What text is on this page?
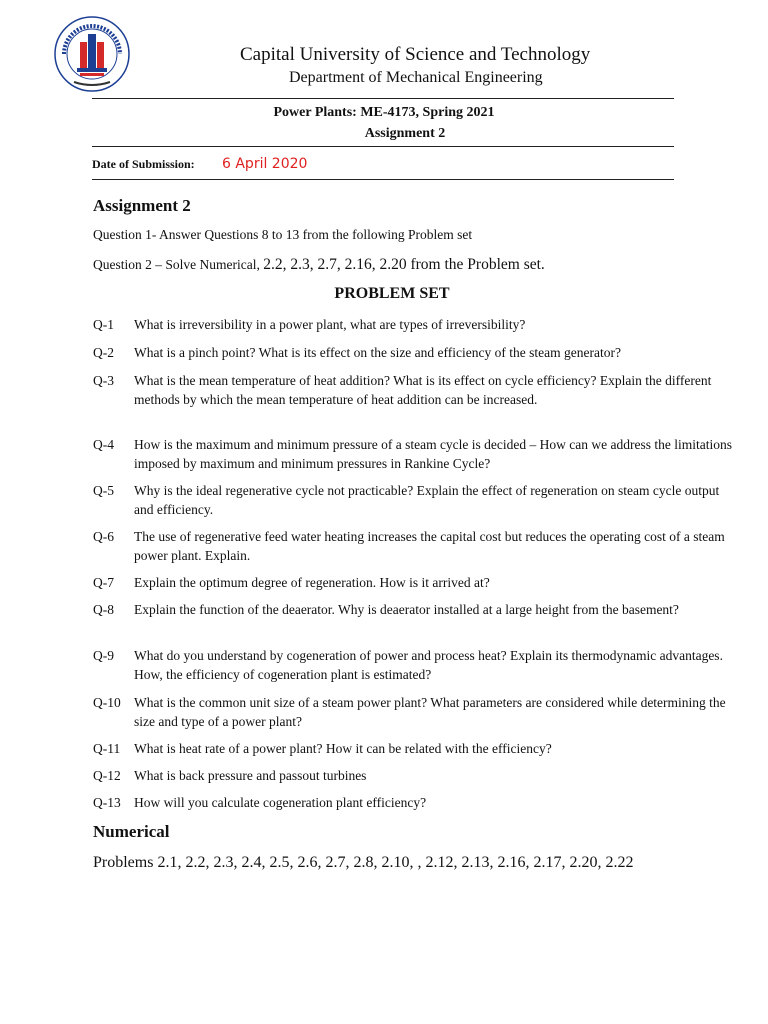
Capital University of Science and Technology
Department of Mechanical Engineering
Power Plants: ME-4173, Spring 2021
Assignment 2
Date of Submission: 6 April 2020
Assignment 2
Question 1- Answer Questions 8 to 13 from the following Problem set
Question 2 – Solve Numerical, 2.2, 2.3, 2.7, 2.16, 2.20 from the Problem set.
PROBLEM SET
Q-1 What is irreversibility in a power plant, what are types of irreversibility?
Q-2 What is a pinch point? What is its effect on the size and efficiency of the steam generator?
Q-3 What is the mean temperature of heat addition? What is its effect on cycle efficiency? Explain the different methods by which the mean temperature of heat addition can be increased.
Q-4 How is the maximum and minimum pressure of a steam cycle is decided – How can we address the limitations imposed by maximum and minimum pressures in Rankine Cycle?
Q-5 Why is the ideal regenerative cycle not practicable? Explain the effect of regeneration on steam cycle output and efficiency.
Q-6 The use of regenerative feed water heating increases the capital cost but reduces the operating cost of a steam power plant. Explain.
Q-7 Explain the optimum degree of regeneration. How is it arrived at?
Q-8 Explain the function of the deaerator. Why is deaerator installed at a large height from the basement?
Q-9 What do you understand by cogeneration of power and process heat? Explain its thermodynamic advantages. How, the efficiency of cogeneration plant is estimated?
Q-10 What is the common unit size of a steam power plant? What parameters are considered while determining the size and type of a power plant?
Q-11 What is heat rate of a power plant? How it can be related with the efficiency?
Q-12 What is back pressure and passout turbines
Q-13 How will you calculate cogeneration plant efficiency?
Numerical
Problems 2.1, 2.2, 2.3, 2.4, 2.5, 2.6, 2.7, 2.8, 2.10, , 2.12, 2.13, 2.16, 2.17, 2.20, 2.22
